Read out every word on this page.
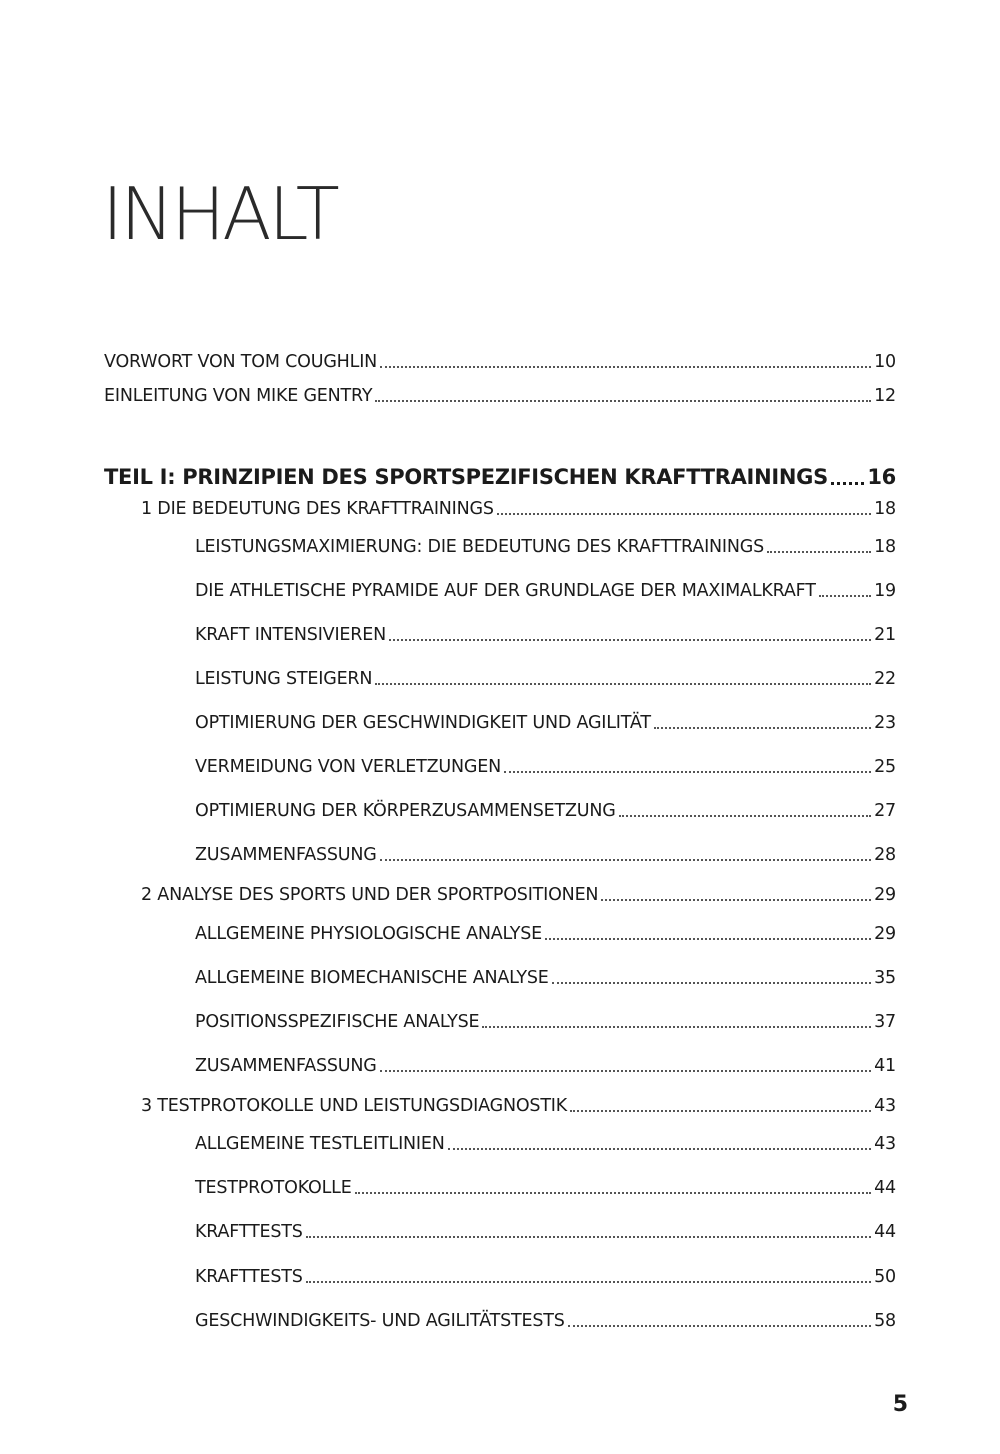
INHALT
VORWORT VON TOM COUGHLIN	10
EINLEITUNG VON MIKE GENTRY	12
TEIL I: PRINZIPIEN DES SPORTSPEZIFISCHEN KRAFTTRAININGS 16
1 DIE BEDEUTUNG DES KRAFTTRAININGS	18
LEISTUNGSMAXIMIERUNG: DIE BEDEUTUNG DES KRAFTTRAININGS	18
DIE ATHLETISCHE PYRAMIDE AUF DER GRUNDLAGE DER MAXIMALKRAFT	19
KRAFT INTENSIVIEREN	21
LEISTUNG STEIGERN	22
OPTIMIERUNG DER GESCHWINDIGKEIT UND AGILITÄT	23
VERMEIDUNG VON VERLETZUNGEN	25
OPTIMIERUNG DER KÖRPERZUSAMMENSETZUNG	27
ZUSAMMENFASSUNG	28
2 ANALYSE DES SPORTS UND DER SPORTPOSITIONEN	29
ALLGEMEINE PHYSIOLOGISCHE ANALYSE	29
ALLGEMEINE BIOMECHANISCHE ANALYSE	35
POSITIONSSPEZIFISCHE ANALYSE	37
ZUSAMMENFASSUNG	41
3 TESTPROTOKOLLE UND LEISTUNGSDIAGNOSTIK	43
ALLGEMEINE TESTLEITLINIEN	43
TESTPROTOKOLLE	44
KRAFTTESTS	44
KRAFTTESTS	50
GESCHWINDIGKEITS- UND AGILITÄTSTESTS	58
5
